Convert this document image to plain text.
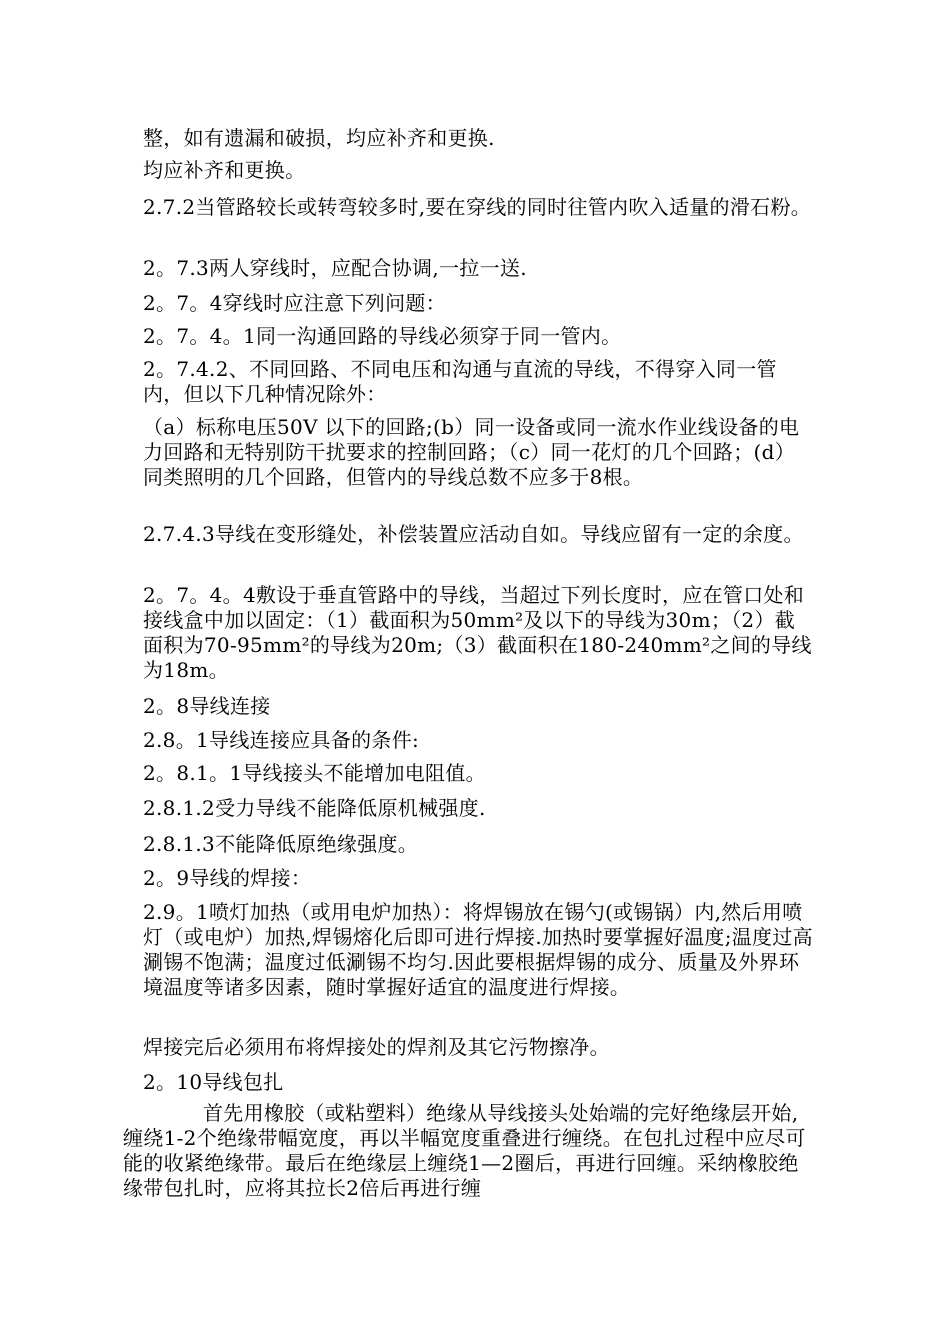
整，如有遗漏和破损，均应补齐和更换.

均应补齐和更换。

2.7.2当管路较长或转弯较多时,要在穿线的同时往管内吹入适量的滑石粉。

2。7.3两人穿线时，应配合协调,一拉一送.

2。7。4穿线时应注意下列问题：

2。7。4。1同一沟通回路的导线必须穿于同一管内。

2。7.4.2、不同回路、不同电压和沟通与直流的导线，不得穿入同一管内，但以下几种情况除外：

（a）标称电压50V 以下的回路;(b）同一设备或同一流水作业线设备的电力回路和无特别防干扰要求的控制回路；（c）同一花灯的几个回路；(d）同类照明的几个回路，但管内的导线总数不应多于8根。

2.7.4.3导线在变形缝处，补偿装置应活动自如。导线应留有一定的余度。

2。7。4。4敷设于垂直管路中的导线，当超过下列长度时，应在管口处和接线盒中加以固定：（1）截面积为50mm²及以下的导线为30m；（2）截面积为70-95mm²的导线为20m;（3）截面积在180-240mm²之间的导线为18m。

2。8导线连接

2.8。1导线连接应具备的条件:

2。8.1。1导线接头不能增加电阻值。

2.8.1.2受力导线不能降低原机械强度.

2.8.1.3不能降低原绝缘强度。

2。9导线的焊接：

2.9。1喷灯加热（或用电炉加热）：将焊锡放在锡勺(或锡锅）内,然后用喷灯（或电炉）加热,焊锡熔化后即可进行焊接.加热时要掌握好温度;温度过高涮锡不饱满；温度过低涮锡不均匀.因此要根据焊锡的成分、质量及外界环境温度等诸多因素，随时掌握好适宜的温度进行焊接。

焊接完后必须用布将焊接处的焊剂及其它污物擦净。

2。10导线包扎

首先用橡胶（或粘塑料）绝缘从导线接头处始端的完好绝缘层开始,缠绕1-2个绝缘带幅宽度，再以半幅宽度重叠进行缠绕。在包扎过程中应尽可能的收紧绝缘带。最后在绝缘层上缠绕1—2圈后，再进行回缠。采纳橡胶绝缘带包扎时，应将其拉长2倍后再进行缠
